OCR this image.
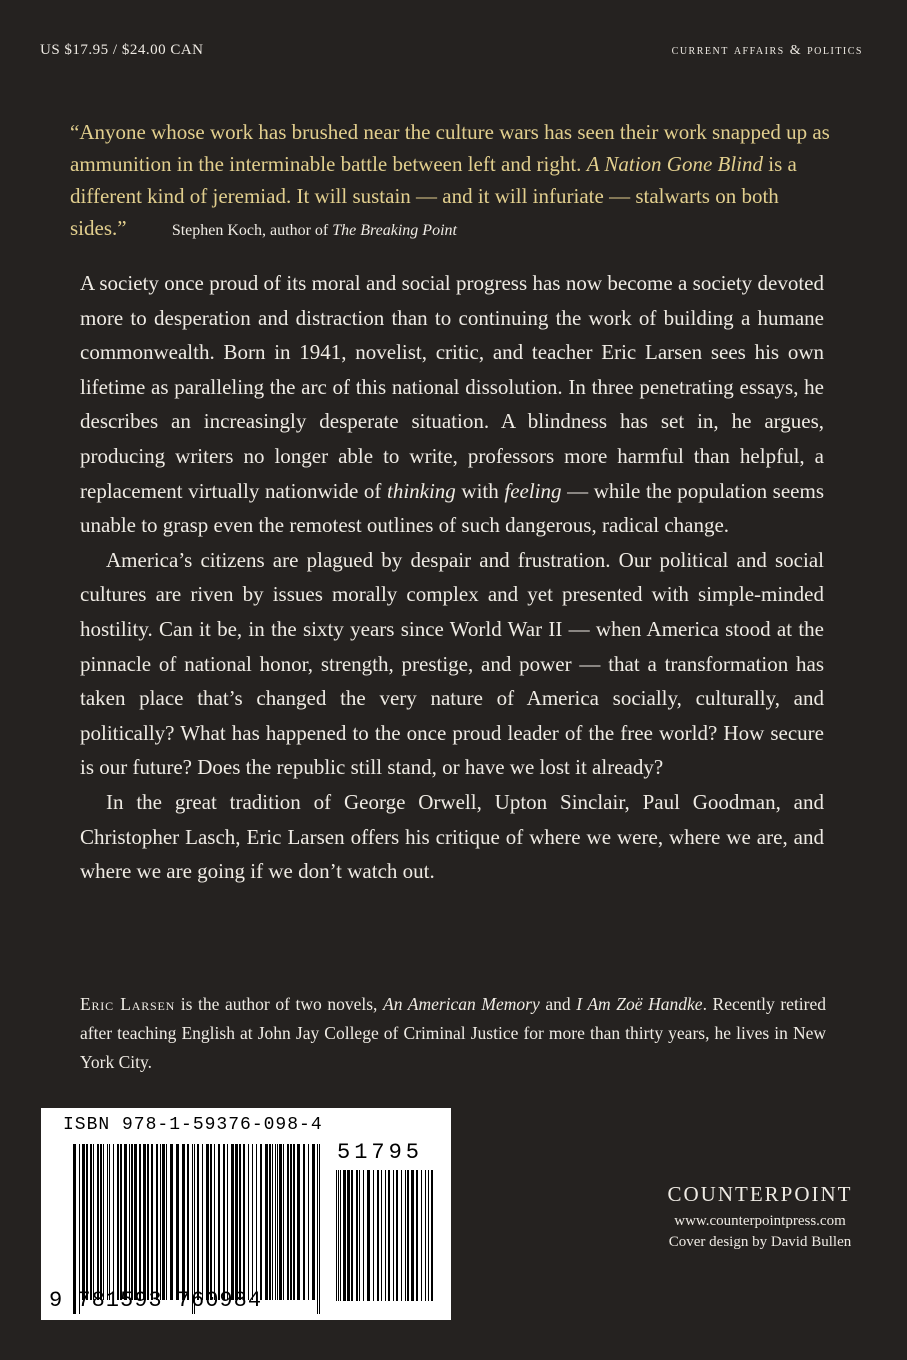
US $17.95 / $24.00 CAN	current affairs & politics
“Anyone whose work has brushed near the culture wars has seen their work snapped up as ammunition in the interminable battle between left and right. A Nation Gone Blind is a different kind of jeremiad. It will sustain — and it will infuriate — stalwarts on both sides.”	Stephen Koch, author of The Breaking Point

A society once proud of its moral and social progress has now become a society devoted more to desperation and distraction than to continuing the work of building a humane commonwealth. Born in 1941, novelist, critic, and teacher Eric Larsen sees his own lifetime as paralleling the arc of this national dissolution. In three penetrating essays, he describes an increasingly desperate situation. A blindness has set in, he argues, producing writers no longer able to write, professors more harmful than helpful, a replacement virtually nationwide of thinking with feeling — while the population seems unable to grasp even the remotest outlines of such dangerous, radical change.

America’s citizens are plagued by despair and frustration. Our political and social cultures are riven by issues morally complex and yet presented with simple-minded hostility. Can it be, in the sixty years since World War II — when America stood at the pinnacle of national honor, strength, prestige, and power — that a transformation has taken place that’s changed the very nature of America socially, culturally, and politically? What has happened to the once proud leader of the free world? How secure is our future? Does the republic still stand, or have we lost it already?

In the great tradition of George Orwell, Upton Sinclair, Paul Goodman, and Christopher Lasch, Eric Larsen offers his critique of where we were, where we are, and where we are going if we don’t watch out.

Eric Larsen is the author of two novels, An American Memory and I Am Zoë Handke. Recently retired after teaching English at John Jay College of Criminal Justice for more than thirty years, he lives in New York City.
ISBN 978-1-59376-098-4
51795
9 781593 760984
COUNTERPOINT
www.counterpointpress.com
Cover design by David Bullen
